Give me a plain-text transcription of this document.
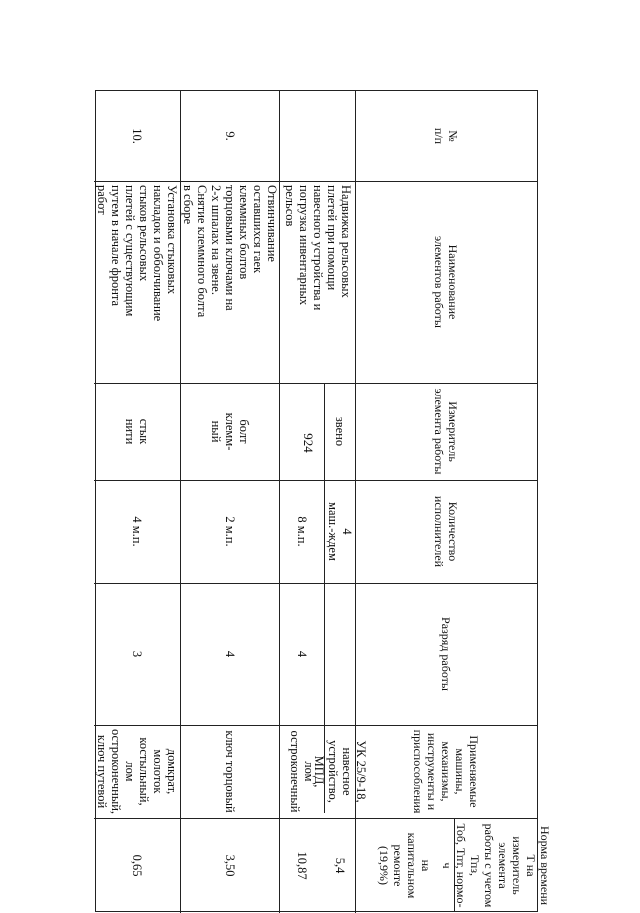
924
№
п/п
Наименование
элементов работы
Измеритель элемента работы
Количество исполнителей
Разряд работы
Применяемые машины,
механизмы, инструменты и
приспособления
Норма времени Т на
измеритель элемента
работы с учетом Тпз,
Тоб, Тпт, нормо-ч
на
капитальном
ремонте
(19,9%)
Надвижка рельсовых
плетей при помощи
навесного устройства и
погрузка инвентарных
рельсов
звено
4
маш.-ждем
8 м.п.
4
УК 25/9-18,
навесное
устройство, МПД,
лом
остроконечный
5,4
10,87
9.
Отвинчивание
оставшихся гаек
клеммных болтов
торцовыми ключами на
2-х шпалах на звене.
Снятие клеммного болта
в сборе
болт
клемм-
ный
2 м.п.
4
ключ торцовый
3,50
10.
Установка стыковых
накладок и обболчивание
стыков рельсовых
плетей с существующим
путем в начале фронта
работ
стык
нити
4 м.п.
3
домкрат, молоток
костыльный, лом
остроконечный,
ключ путевой
0,65
